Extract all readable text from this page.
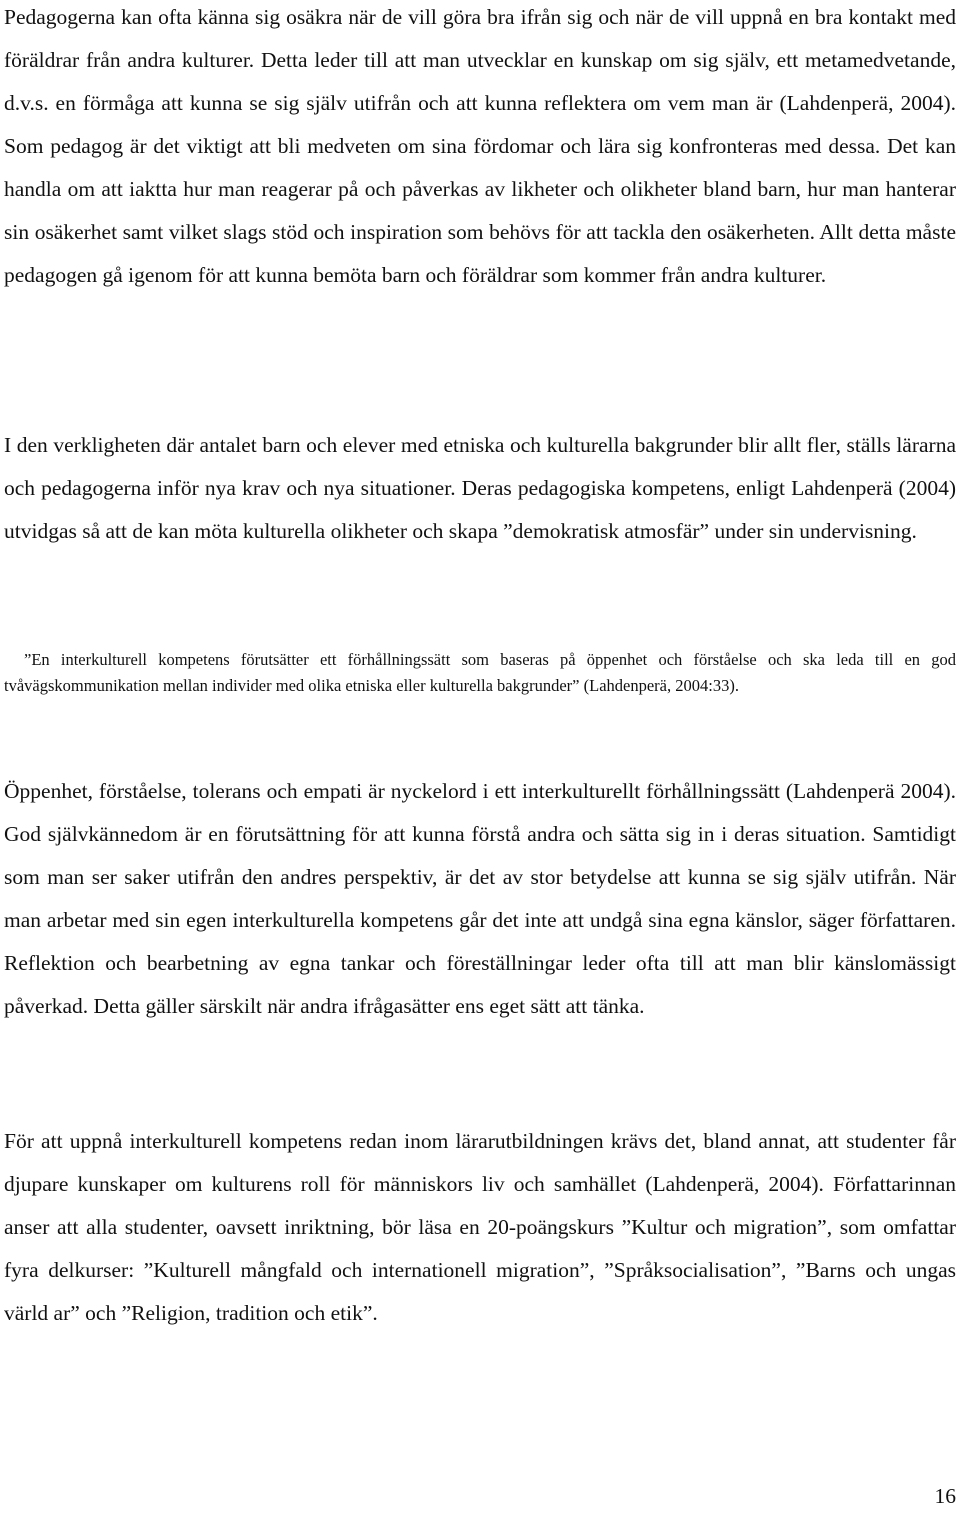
Pedagogerna kan ofta känna sig osäkra när de vill göra bra ifrån sig och när de vill uppnå en bra kontakt med föräldrar från andra kulturer. Detta leder till att man utvecklar en kunskap om sig själv, ett metamedvetande, d.v.s. en förmåga att kunna se sig själv utifrån och att kunna reflektera om vem man är (Lahdenperä, 2004). Som pedagog är det viktigt att bli medveten om sina fördomar och lära sig konfronteras med dessa. Det kan handla om att iaktta hur man reagerar på och påverkas av likheter och olikheter bland barn, hur man hanterar sin osäkerhet samt vilket slags stöd och inspiration som behövs för att tackla den osäkerheten. Allt detta måste pedagogen gå igenom för att kunna bemöta barn och föräldrar som kommer från andra kulturer.

I den verkligheten där antalet barn och elever med etniska och kulturella bakgrunder blir allt fler, ställs lärarna och pedagogerna inför nya krav och nya situationer. Deras pedagogiska kompetens, enligt Lahdenperä (2004) utvidgas så att de kan möta kulturella olikheter och skapa ”demokratisk atmosfär” under sin undervisning.

”En interkulturell kompetens förutsätter ett förhållningssätt som baseras på öppenhet och förståelse och ska leda till en god tvåvägskommunikation mellan individer med olika etniska eller kulturella bakgrunder” (Lahdenperä, 2004:33).

Öppenhet, förståelse, tolerans och empati är nyckelord i ett interkulturellt förhållningssätt (Lahdenperä 2004). God självkännedom är en förutsättning för att kunna förstå andra och sätta sig in i deras situation. Samtidigt som man ser saker utifrån den andres perspektiv, är det av stor betydelse att kunna se sig själv utifrån. När man arbetar med sin egen interkulturella kompetens går det inte att undgå sina egna känslor, säger författaren. Reflektion och bearbetning av egna tankar och föreställningar leder ofta till att man blir känslomässigt påverkad. Detta gäller särskilt när andra ifrågasätter ens eget sätt att tänka.

För att uppnå interkulturell kompetens redan inom lärarutbildningen krävs det, bland annat, att studenter får djupare kunskaper om kulturens roll för människors liv och samhället (Lahdenperä, 2004). Författarinnan anser att alla studenter, oavsett inriktning, bör läsa en 20-poängskurs ”Kultur och migration”, som omfattar fyra delkurser: ”Kulturell mångfald och internationell migration”, ”Språksocialisation”, ”Barns och ungas värld ar” och ”Religion, tradition och etik”.

16
